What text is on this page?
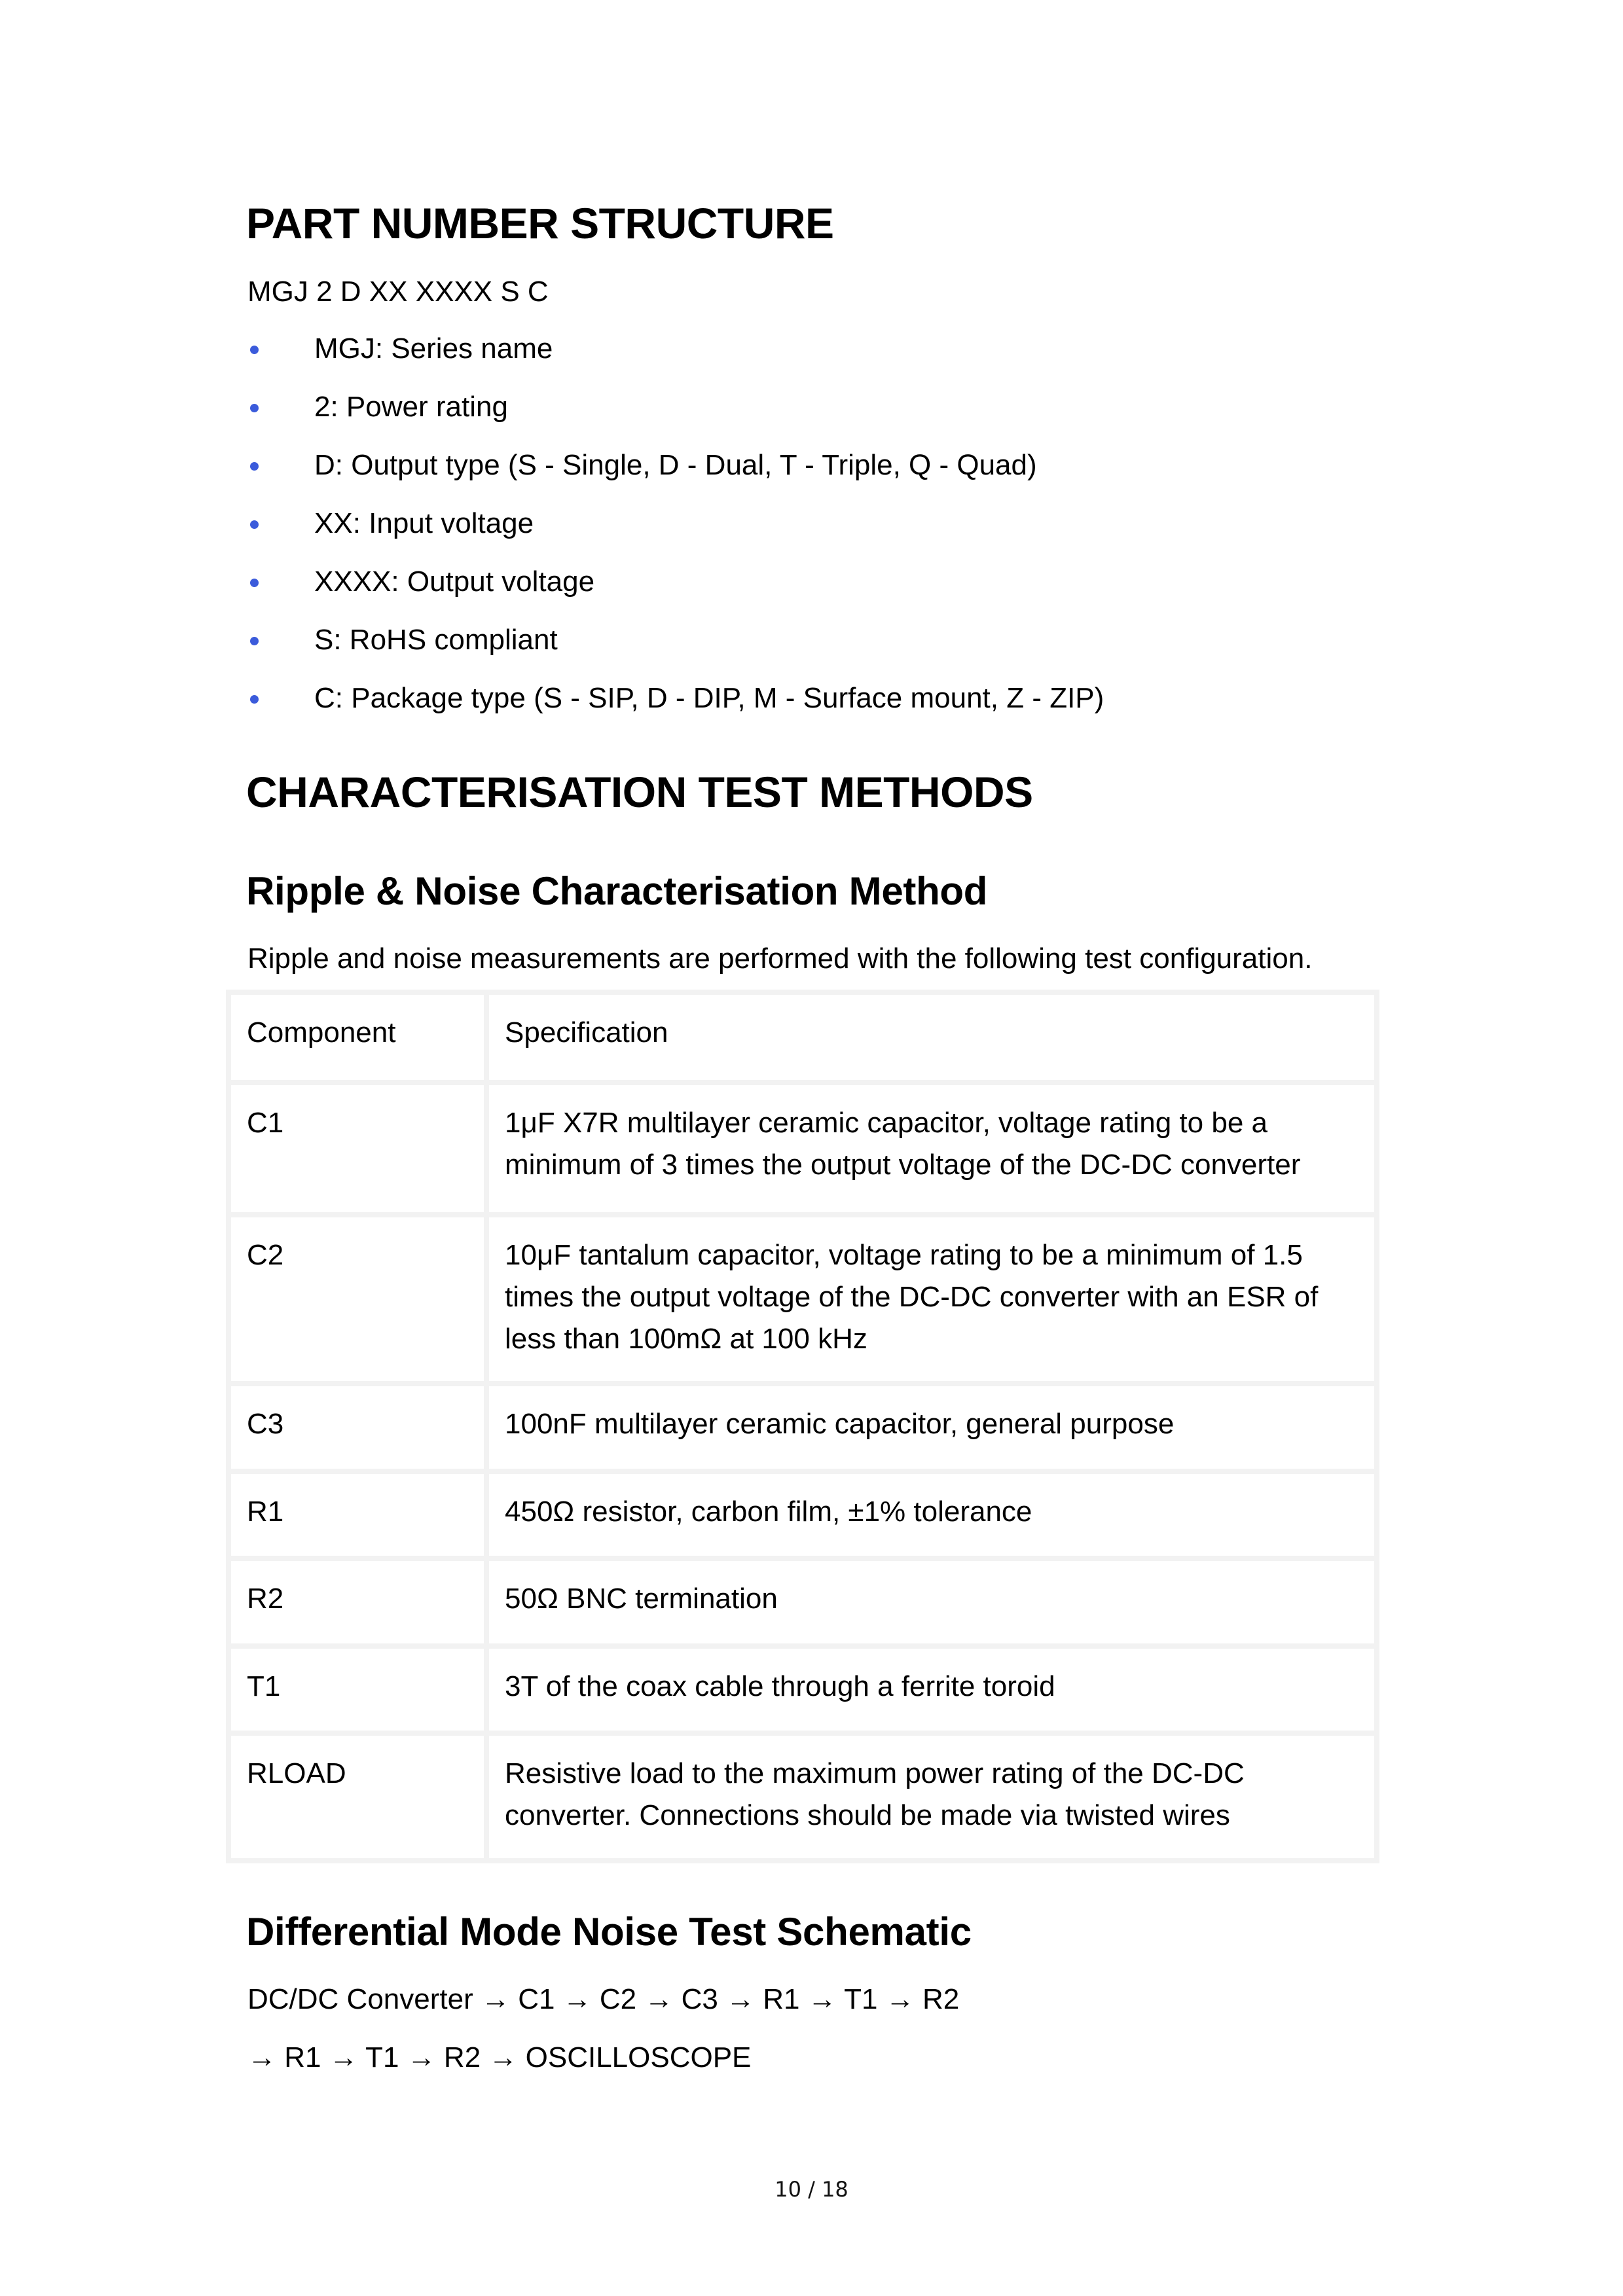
PART NUMBER STRUCTURE
MGJ 2 D XX XXXX S C
MGJ: Series name
2: Power rating
D: Output type (S - Single, D - Dual, T - Triple, Q - Quad)
XX: Input voltage
XXXX: Output voltage
S: RoHS compliant
C: Package type (S - SIP, D - DIP, M - Surface mount, Z - ZIP)
CHARACTERISATION TEST METHODS
Ripple & Noise Characterisation Method
Ripple and noise measurements are performed with the following test configuration.
Component	Specification
C1	1μF X7R multilayer ceramic capacitor, voltage rating to be a minimum of 3 times the output voltage of the DC-DC converter
C2	10μF tantalum capacitor, voltage rating to be a minimum of 1.5 times the output voltage of the DC-DC converter with an ESR of less than 100mΩ at 100 kHz
C3	100nF multilayer ceramic capacitor, general purpose
R1	450Ω resistor, carbon film, ±1% tolerance
R2	50Ω BNC termination
T1	3T of the coax cable through a ferrite toroid
RLOAD	Resistive load to the maximum power rating of the DC-DC converter. Connections should be made via twisted wires
Differential Mode Noise Test Schematic
DC/DC Converter → C1 → C2 → C3 → R1 → T1 → R2
→ R1 → T1 → R2 → OSCILLOSCOPE
10 / 18
